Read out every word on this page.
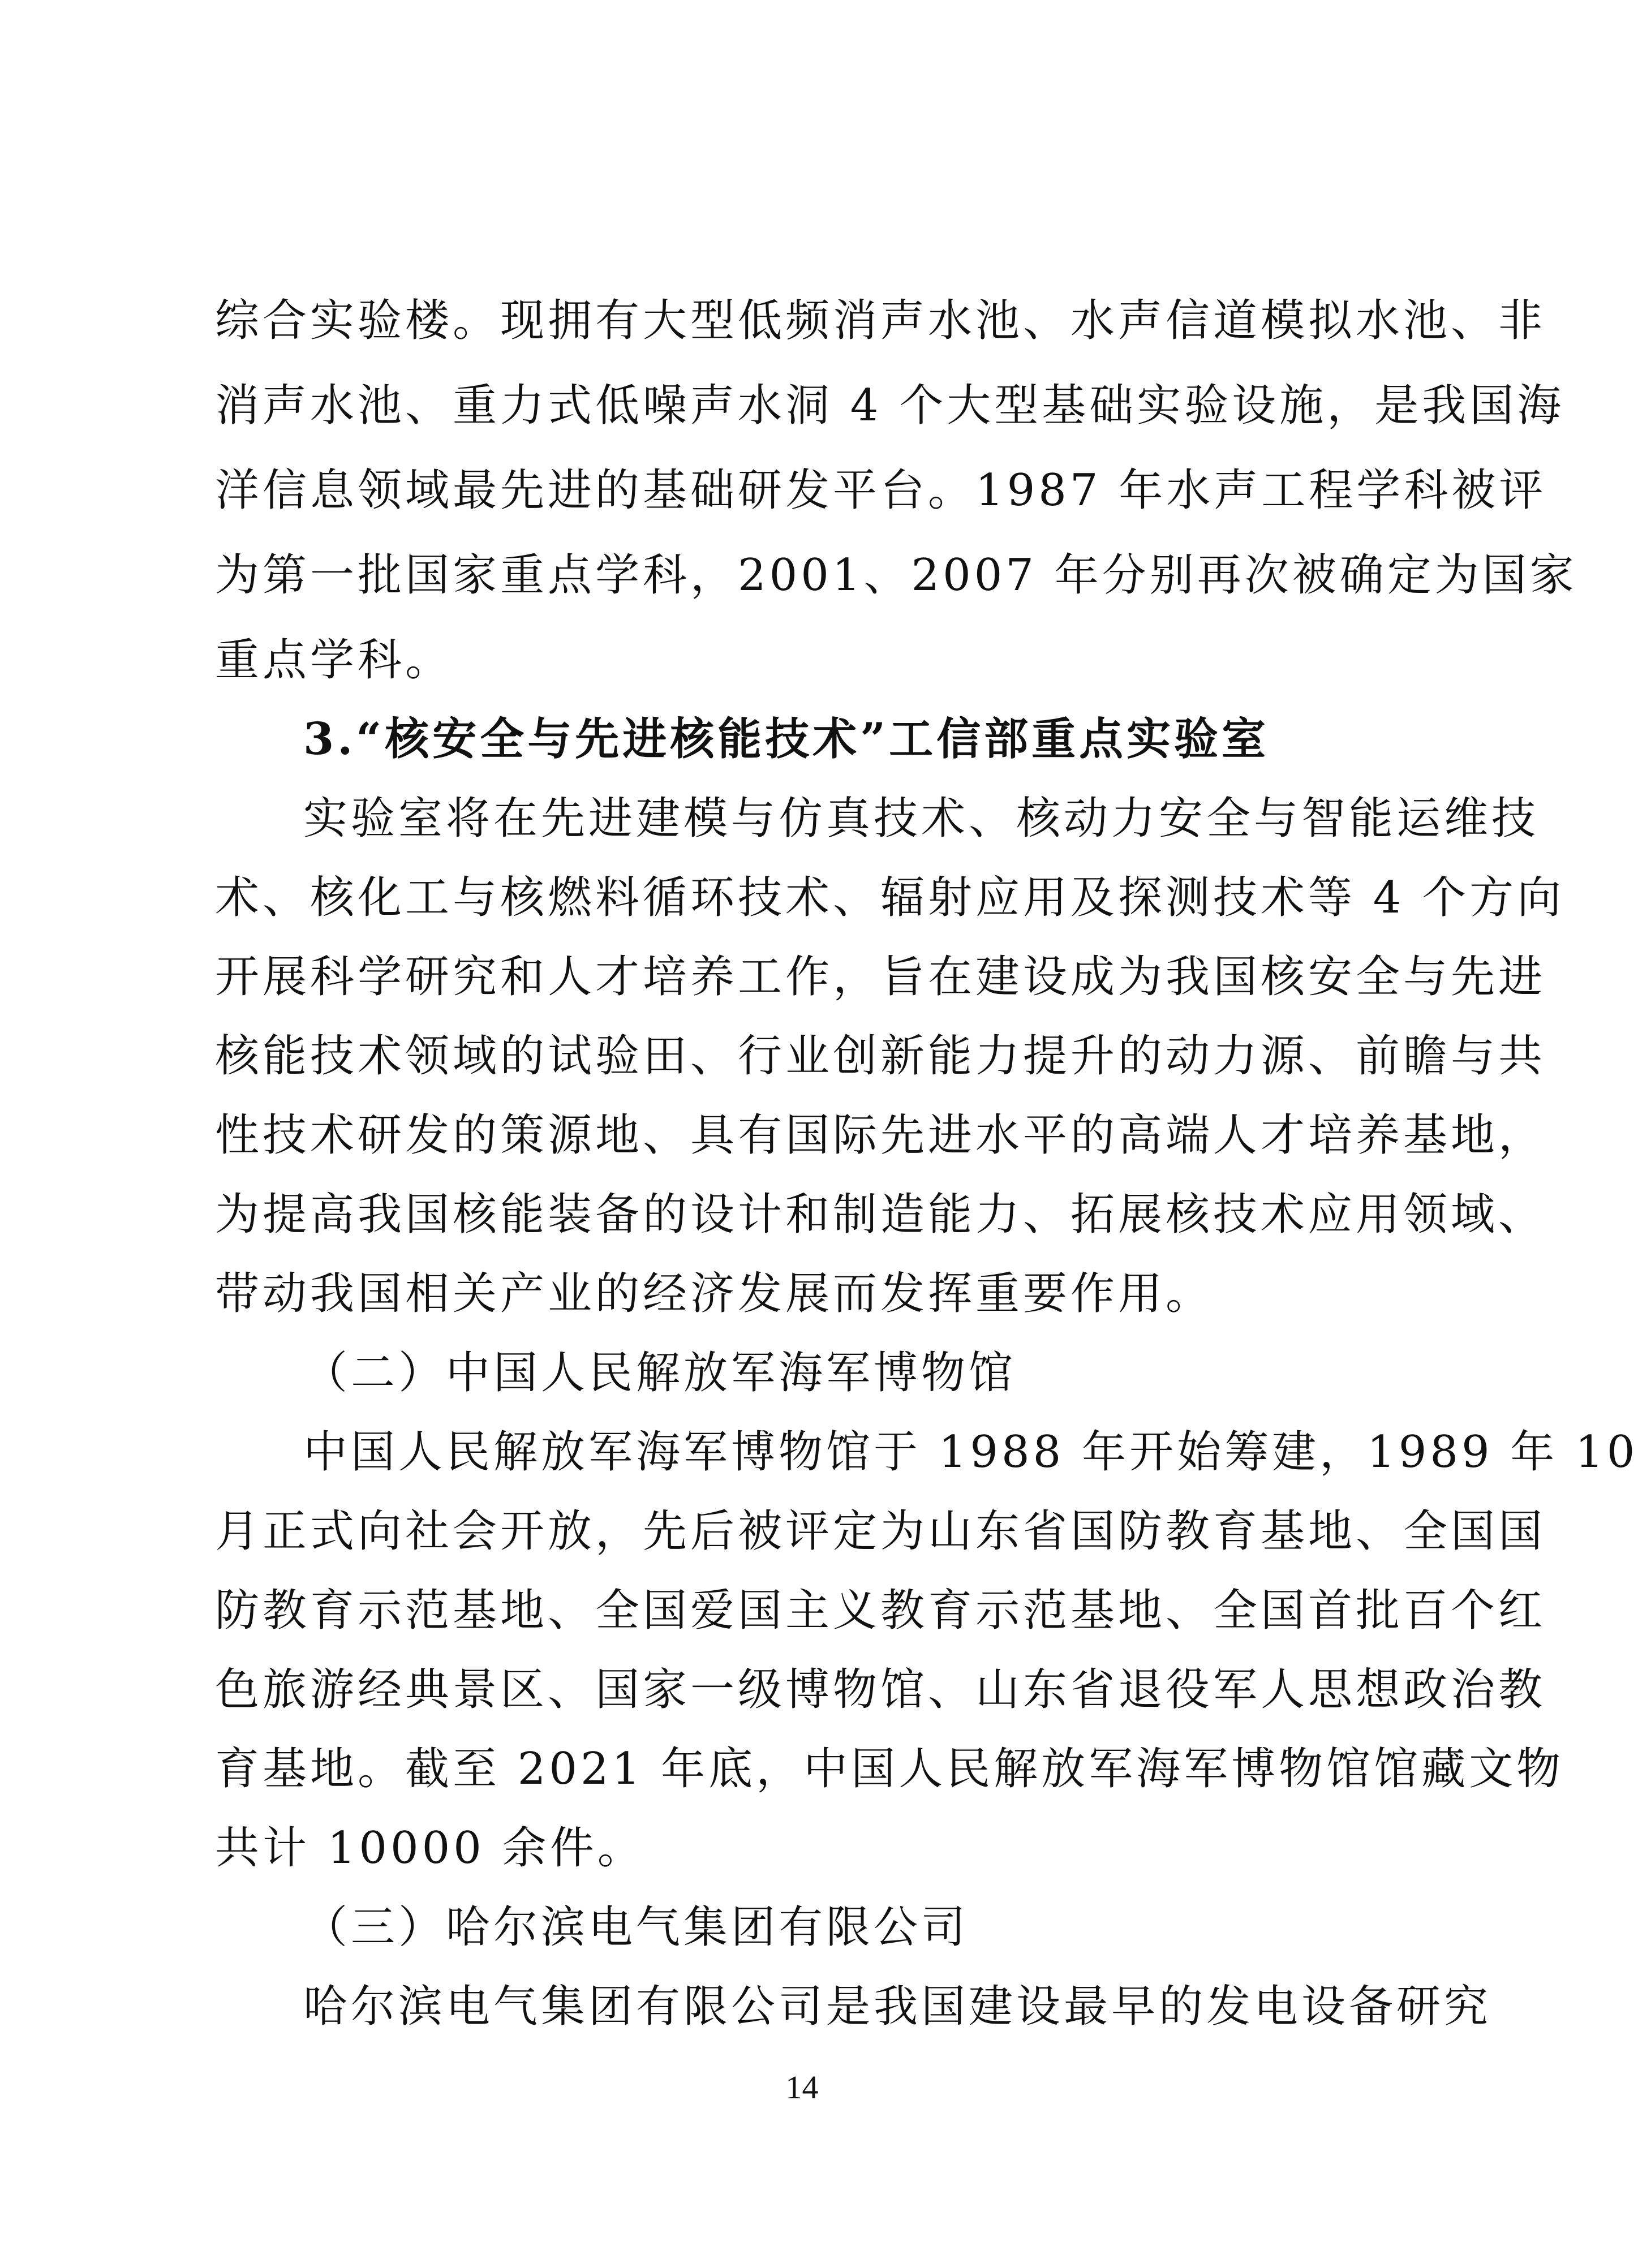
综合实验楼。现拥有大型低频消声水池、水声信道模拟水池、非
消声水池、重力式低噪声水洞 4 个大型基础实验设施，是我国海
洋信息领域最先进的基础研发平台。1987 年水声工程学科被评
为第一批国家重点学科，2001、2007 年分别再次被确定为国家
重点学科。
3.“核安全与先进核能技术”工信部重点实验室
实验室将在先进建模与仿真技术、核动力安全与智能运维技
术、核化工与核燃料循环技术、辐射应用及探测技术等 4 个方向
开展科学研究和人才培养工作，旨在建设成为我国核安全与先进
核能技术领域的试验田、行业创新能力提升的动力源、前瞻与共
性技术研发的策源地、具有国际先进水平的高端人才培养基地，
为提高我国核能装备的设计和制造能力、拓展核技术应用领域、
带动我国相关产业的经济发展而发挥重要作用。
（二）中国人民解放军海军博物馆
中国人民解放军海军博物馆于 1988 年开始筹建，1989 年 10
月正式向社会开放，先后被评定为山东省国防教育基地、全国国
防教育示范基地、全国爱国主义教育示范基地、全国首批百个红
色旅游经典景区、国家一级博物馆、山东省退役军人思想政治教
育基地。截至 2021 年底，中国人民解放军海军博物馆馆藏文物
共计 10000 余件。
（三）哈尔滨电气集团有限公司
哈尔滨电气集团有限公司是我国建设最早的发电设备研究
14
